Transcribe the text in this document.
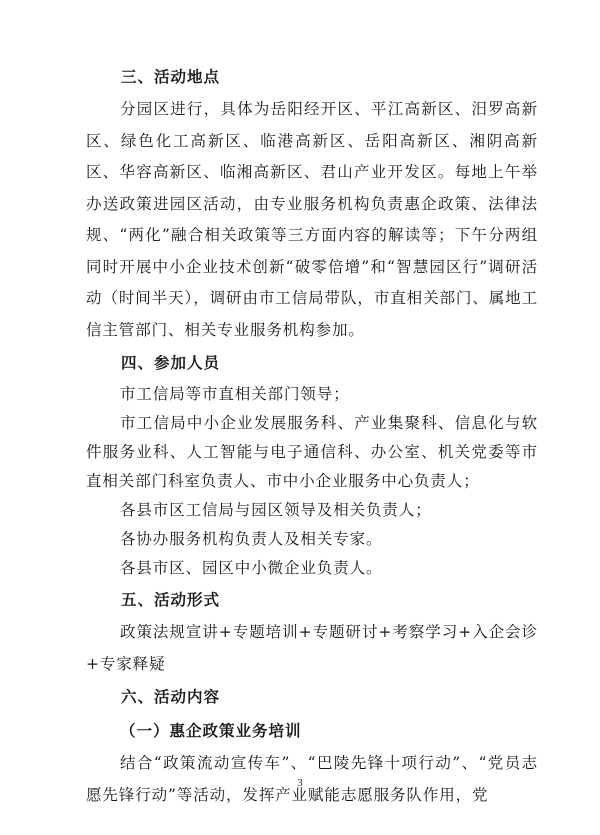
三、活动地点

分园区进行，具体为岳阳经开区、平江高新区、汨罗高新区、绿色化工高新区、临港高新区、岳阳高新区、湘阴高新区、华容高新区、临湘高新区、君山产业开发区。每地上午举办送政策进园区活动，由专业服务机构负责惠企政策、法律法规、“两化”融合相关政策等三方面内容的解读等；下午分两组同时开展中小企业技术创新“破零倍增”和“智慧园区行”调研活动（时间半天），调研由市工信局带队，市直相关部门、属地工信主管部门、相关专业服务机构参加。

四、参加人员

市工信局等市直相关部门领导；

市工信局中小企业发展服务科、产业集聚科、信息化与软件服务业科、人工智能与电子通信科、办公室、机关党委等市直相关部门科室负责人、市中小企业服务中心负责人；

各县市区工信局与园区领导及相关负责人；

各协办服务机构负责人及相关专家。

各县市区、园区中小微企业负责人。

五、活动形式

政策法规宣讲+专题培训+专题研讨+考察学习+入企会诊+专家释疑

六、活动内容
（一）惠企政策业务培训

结合“政策流动宣传车”、“巴陵先锋十项行动”、“党员志愿先锋行动”等活动，发挥产业赋能志愿服务队作用，党

3
